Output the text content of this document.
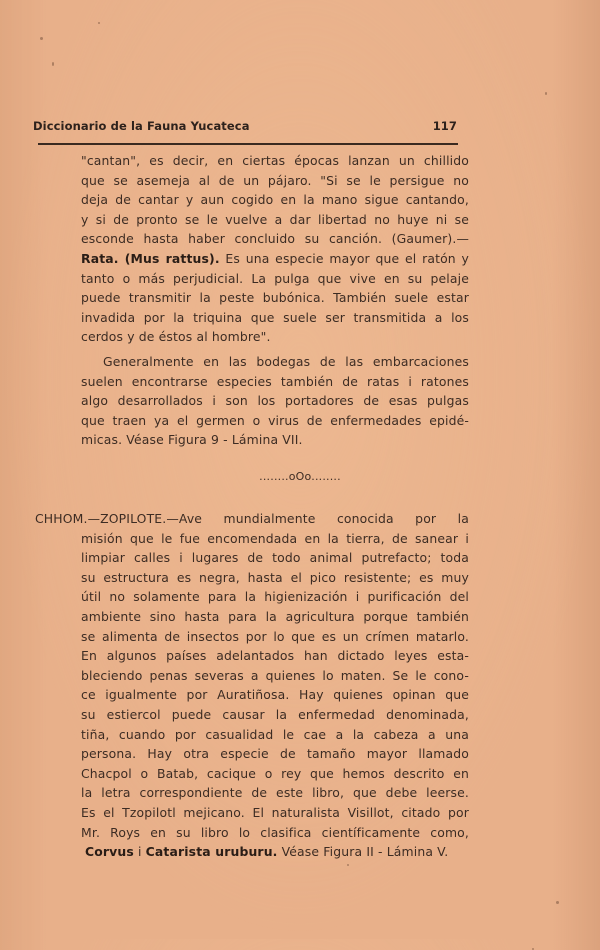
Diccionario de la Fauna Yucateca	117
"cantan", es decir, en ciertas épocas lanzan un chillido
que se asemeja al de un pájaro. "Si se le persigue no
deja de cantar y aun cogido en la mano sigue cantando,
y si de pronto se le vuelve a dar libertad no huye ni se
esconde hasta haber concluido su canción. (Gaumer).—
Rata. (Mus rattus). Es una especie mayor que el ratón y
tanto o más perjudicial. La pulga que vive en su pelaje
puede transmitir la peste bubónica. También suele estar
invadida por la triquina que suele ser transmitida a los
cerdos y de éstos al hombre".
Generalmente en las bodegas de las embarcaciones
suelen encontrarse especies también de ratas i ratones
algo desarrollados i son los portadores de esas pulgas
que traen ya el germen o virus de enfermedades epidé-
micas. Véase Figura 9 - Lámina VII.
........oOo........
CHHOM.—ZOPILOTE.—Ave mundialmente conocida por la
misión que le fue encomendada en la tierra, de sanear i
limpiar calles i lugares de todo animal putrefacto; toda
su estructura es negra, hasta el pico resistente; es muy
útil no solamente para la higienización i purificación del
ambiente sino hasta para la agricultura porque también
se alimenta de insectos por lo que es un crímen matarlo.
En algunos países adelantados han dictado leyes esta-
bleciendo penas severas a quienes lo maten. Se le cono-
ce igualmente por Auratiñosa. Hay quienes opinan que
su estiercol puede causar la enfermedad denominada,
tiña, cuando por casualidad le cae a la cabeza a una
persona. Hay otra especie de tamaño mayor llamado
Chacpol o Batab, cacique o rey que hemos descrito en
la letra correspondiente de este libro, que debe leerse.
Es el Tzopilotl mejicano. El naturalista Visillot, citado por
Mr. Roys en su libro lo clasifica científicamente como,
Corvus i Catarista uruburu. Véase Figura II - Lámina V.
